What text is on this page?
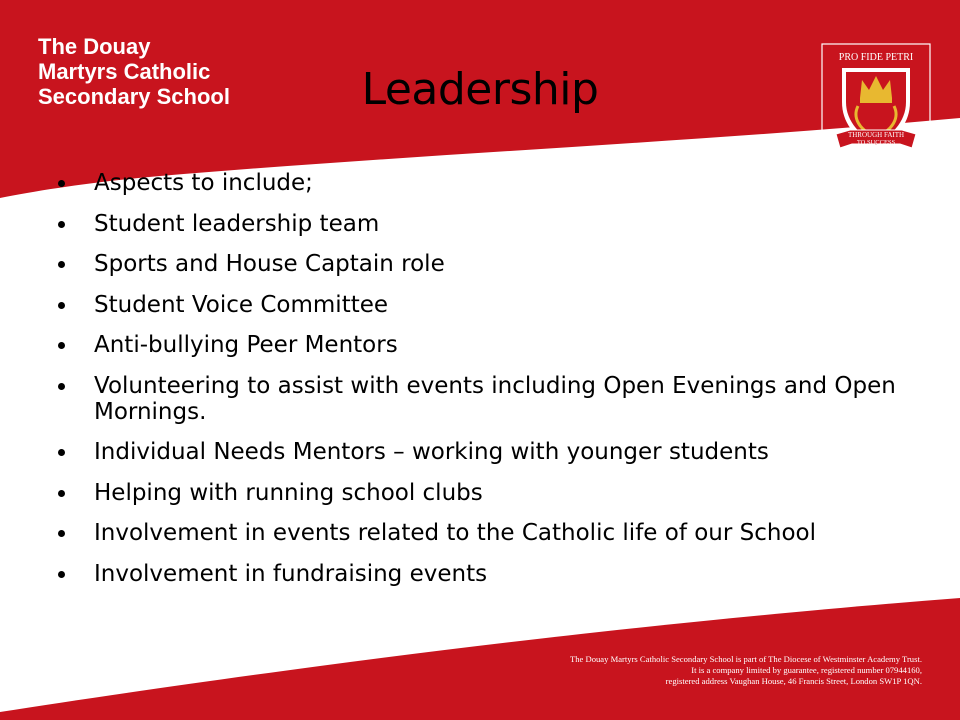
The Douay
Martyrs Catholic
Secondary School	Leadership
PRO FIDE PETRI
THROUGH FAITH
TO SUCCESS
Aspects to include;
Student leadership team
Sports and House Captain role
Student Voice Committee
Anti-bullying Peer Mentors
Volunteering to assist with events including Open Evenings and Open Mornings.
Individual Needs Mentors – working with younger students
Helping with running school clubs
Involvement in events related to the Catholic life of our School
Involvement in fundraising events
The Douay Martyrs Catholic Secondary School is part of The Diocese of Westminster Academy Trust.
It is a company limited by guarantee, registered number 07944160,
registered address Vaughan House, 46 Francis Street, London SW1P 1QN.
